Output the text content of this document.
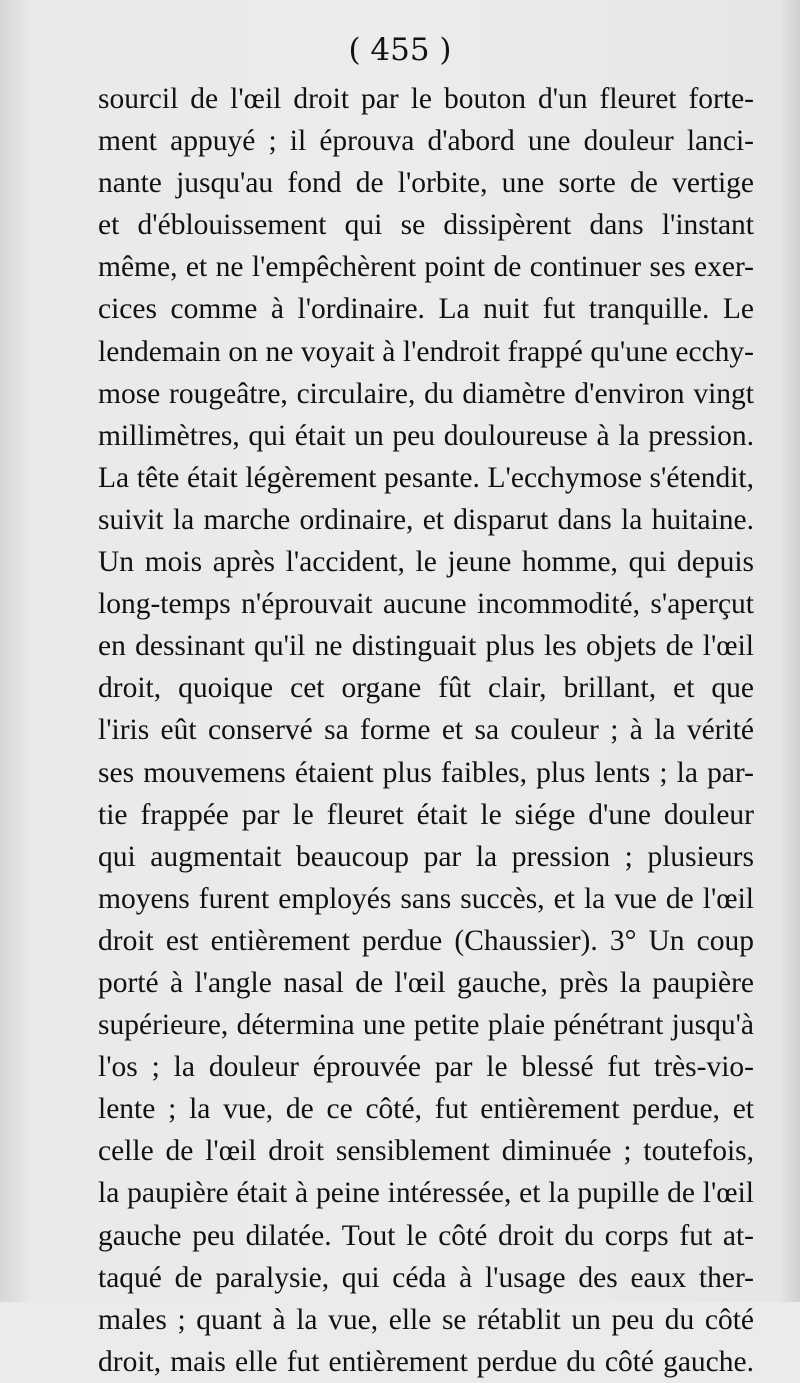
( 455 )
sourcil de l'œil droit par le bouton d'un fleuret forte-
ment appuyé ; il éprouva d'abord une douleur lanci-
nante jusqu'au fond de l'orbite, une sorte de vertige
et d'éblouissement qui se dissipèrent dans l'instant
même, et ne l'empêchèrent point de continuer ses exer-
cices comme à l'ordinaire. La nuit fut tranquille. Le
lendemain on ne voyait à l'endroit frappé qu'une ecchy-
mose rougeâtre, circulaire, du diamètre d'environ vingt
millimètres, qui était un peu douloureuse à la pression.
La tête était légèrement pesante. L'ecchymose s'étendit,
suivit la marche ordinaire, et disparut dans la huitaine.
Un mois après l'accident, le jeune homme, qui depuis
long-temps n'éprouvait aucune incommodité, s'aperçut
en dessinant qu'il ne distinguait plus les objets de l'œil
droit, quoique cet organe fût clair, brillant, et que
l'iris eût conservé sa forme et sa couleur ; à la vérité
ses mouvemens étaient plus faibles, plus lents ; la par-
tie frappée par le fleuret était le siége d'une douleur
qui augmentait beaucoup par la pression ; plusieurs
moyens furent employés sans succès, et la vue de l'œil
droit est entièrement perdue (Chaussier). 3° Un coup
porté à l'angle nasal de l'œil gauche, près la paupière
supérieure, détermina une petite plaie pénétrant jusqu'à
l'os ; la douleur éprouvée par le blessé fut très-vio-
lente ; la vue, de ce côté, fut entièrement perdue, et
celle de l'œil droit sensiblement diminuée ; toutefois,
la paupière était à peine intéressée, et la pupille de l'œil
gauche peu dilatée. Tout le côté droit du corps fut at-
taqué de paralysie, qui céda à l'usage des eaux ther-
males ; quant à la vue, elle se rétablit un peu du côté
droit, mais elle fut entièrement perdue du côté gauche.
